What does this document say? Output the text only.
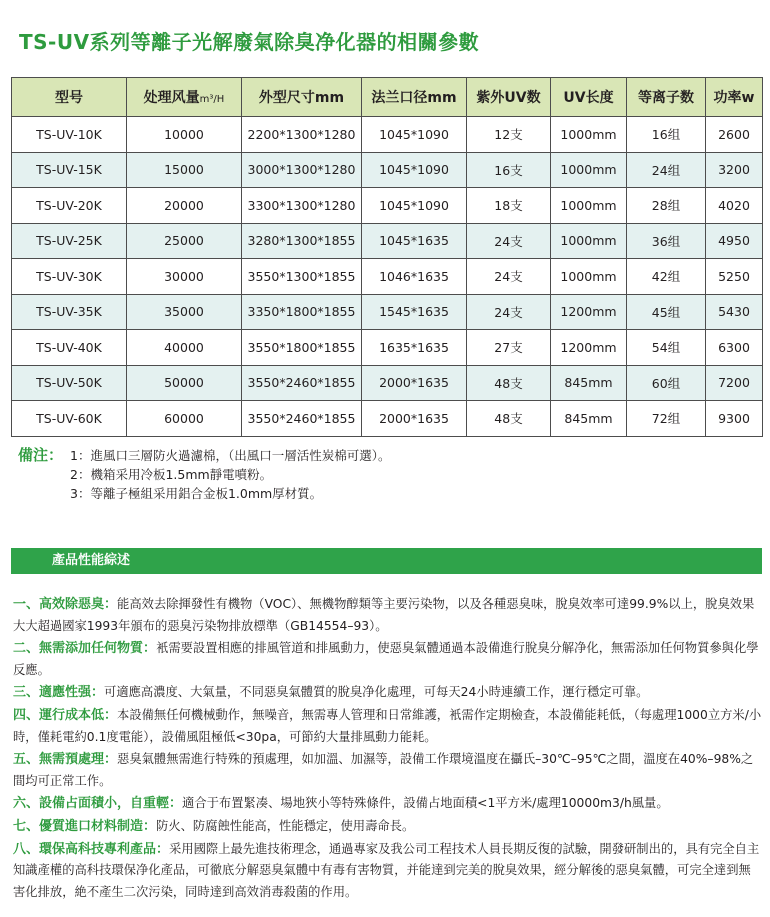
TS-UV系列等離子光解廢氣除臭净化器的相關參數
型号	处理风量m³/H	外型尺寸mm	法兰口径mm	紫外UV数	UV长度	等离子数	功率w
TS-UV-10K	10000	2200*1300*1280	1045*1090	12支	1000mm	16组	2600
TS-UV-15K	15000	3000*1300*1280	1045*1090	16支	1000mm	24组	3200
TS-UV-20K	20000	3300*1300*1280	1045*1090	18支	1000mm	28组	4020
TS-UV-25K	25000	3280*1300*1855	1045*1635	24支	1000mm	36组	4950
TS-UV-30K	30000	3550*1300*1855	1046*1635	24支	1000mm	42组	5250
TS-UV-35K	35000	3350*1800*1855	1545*1635	24支	1200mm	45组	5430
TS-UV-40K	40000	3550*1800*1855	1635*1635	27支	1200mm	54组	6300
TS-UV-50K	50000	3550*2460*1855	2000*1635	48支	845mm	60组	7200
TS-UV-60K	60000	3550*2460*1855	2000*1635	48支	845mm	72组	9300
備注： 1：進風口三層防火過濾棉，（出風口一層活性炭棉可選）。
2：機箱采用冷板1.5mm靜電噴粉。
3：等離子極組采用鋁合金板1.0mm厚材質。
產品性能綜述

一、高效除惡臭：能高效去除揮發性有機物（VOC）、無機物醇類等主要污染物，以及各種惡臭味，脫臭效率可達99.9%以上，脫臭效果大大超過國家1993年頒布的惡臭污染物排放標準（GB14554–93）。

二、無需添加任何物質：衹需要設置相應的排風管道和排風動力，使惡臭氣體通過本設備進行脫臭分解净化，無需添加任何物質參與化學反應。

三、適應性强：可適應高濃度、大氣量，不同惡臭氣體質的脫臭净化處理，可每天24小時連續工作，運行穩定可靠。

四、運行成本低：本設備無任何機械動作，無噪音，無需專人管理和日常維護，衹需作定期檢查，本設備能耗低，（每處理1000立方米/小時，僅耗電約0.1度電能），設備風阻極低<30pa，可節約大量排風動力能耗。

五、無需預處理：惡臭氣體無需進行特殊的預處理，如加溫、加濕等，設備工作環境溫度在攝氏–30℃–95℃之間，溫度在40%–98%之間均可正常工作。

六、設備占面積小，自重輕：適合于布置緊凑、場地狹小等特殊條件，設備占地面積<1平方米/處理10000m3/h風量。

七、優質進口材料制造：防火、防腐蝕性能高，性能穩定，使用壽命長。

八、環保高科技專利產品：采用國際上最先進技術理念，通過專家及我公司工程技术人員長期反復的試驗，開發研制出的，具有完全自主知識產權的高科技環保净化產品，可徹底分解惡臭氣體中有毒有害物質，并能達到完美的脫臭效果，經分解後的惡臭氣體，可完全達到無害化排放，絶不產生二次污染，同時達到高效消毒殺菌的作用。
